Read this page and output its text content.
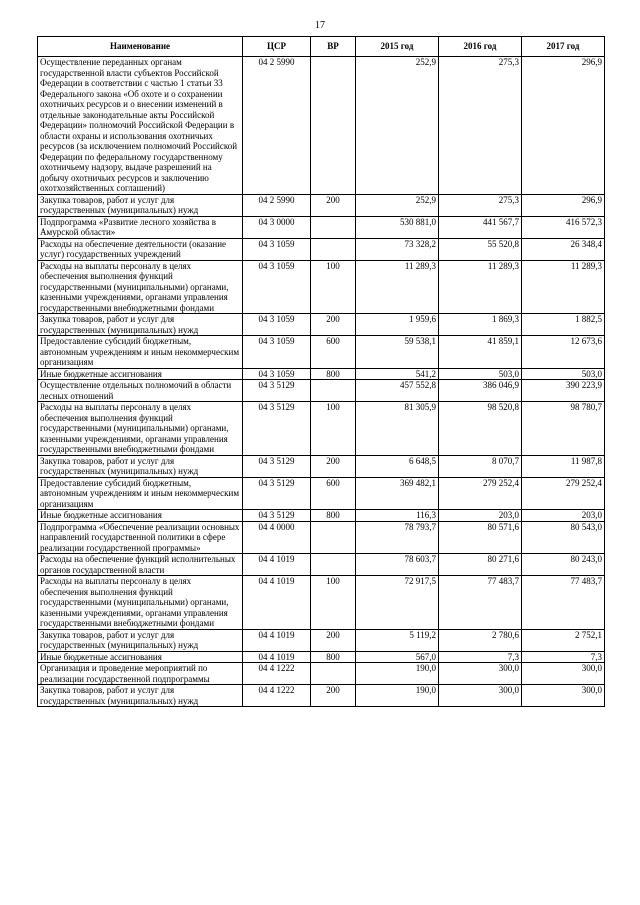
17
Наименование	ЦСР	ВР	2015 год	2016 год	2017 год
Осуществление переданных органам государственной власти субъектов Российской Федерации в соответствии с частью 1 статьи 33 Федерального закона «Об охоте и о сохранении охотничьих ресурсов и о внесении изменений в отдельные законодательные акты Российской Федерации» полномочий Российской Федерации в области охраны и использования охотничьих ресурсов (за исключением полномочий Российской Федерации по федеральному государственному охотничьему надзору, выдаче разрешений на добычу охотничьих ресурсов и заключению охотхозяйственных соглашений)	04 2 5990		252,9	275,3	296,9
Закупка товаров, работ и услуг для государственных (муниципальных) нужд	04 2 5990	200	252,9	275,3	296,9
Подпрограмма «Развитие лесного хозяйства в Амурской области»	04 3 0000		530 881,0	441 567,7	416 572,3
Расходы на обеспечение деятельности (оказание услуг) государственных учреждений	04 3 1059		73 328,2	55 520,8	26 348,4
Расходы на выплаты персоналу в целях обеспечения выполнения функций государственными (муниципальными) органами, казенными учреждениями, органами управления государственными внебюджетными фондами	04 3 1059	100	11 289,3	11 289,3	11 289,3
Закупка товаров, работ и услуг для государственных (муниципальных) нужд	04 3 1059	200	1 959,6	1 869,3	1 882,5
Предоставление субсидий бюджетным, автономным учреждениям и иным некоммерческим организациям	04 3 1059	600	59 538,1	41 859,1	12 673,6
Иные бюджетные ассигнования	04 3 1059	800	541,2	503,0	503,0
Осуществление отдельных полномочий в области лесных отношений	04 3 5129		457 552,8	386 046,9	390 223,9
Расходы на выплаты персоналу в целях обеспечения выполнения функций государственными (муниципальными) органами, казенными учреждениями, органами управления государственными внебюджетными фондами	04 3 5129	100	81 305,9	98 520,8	98 780,7
Закупка товаров, работ и услуг для государственных (муниципальных) нужд	04 3 5129	200	6 648,5	8 070,7	11 987,8
Предоставление субсидий бюджетным, автономным учреждениям и иным некоммерческим организациям	04 3 5129	600	369 482,1	279 252,4	279 252,4
Иные бюджетные ассигнования	04 3 5129	800	116,3	203,0	203,0
Подпрограмма «Обеспечение реализации основных направлений государственной политики в сфере реализации государственной программы»	04 4 0000		78 793,7	80 571,6	80 543,0
Расходы на обеспечение функций исполнительных органов государственной власти	04 4 1019		78 603,7	80 271,6	80 243,0
Расходы на выплаты персоналу в целях обеспечения выполнения функций государственными (муниципальными) органами, казенными учреждениями, органами управления государственными внебюджетными фондами	04 4 1019	100	72 917,5	77 483,7	77 483,7
Закупка товаров, работ и услуг для государственных (муниципальных) нужд	04 4 1019	200	5 119,2	2 780,6	2 752,1
Иные бюджетные ассигнования	04 4 1019	800	567,0	7,3	7,3
Организация и проведение мероприятий по реализации государственной подпрограммы	04 4 1222		190,0	300,0	300,0
Закупка товаров, работ и услуг для государственных (муниципальных) нужд	04 4 1222	200	190,0	300,0	300,0
